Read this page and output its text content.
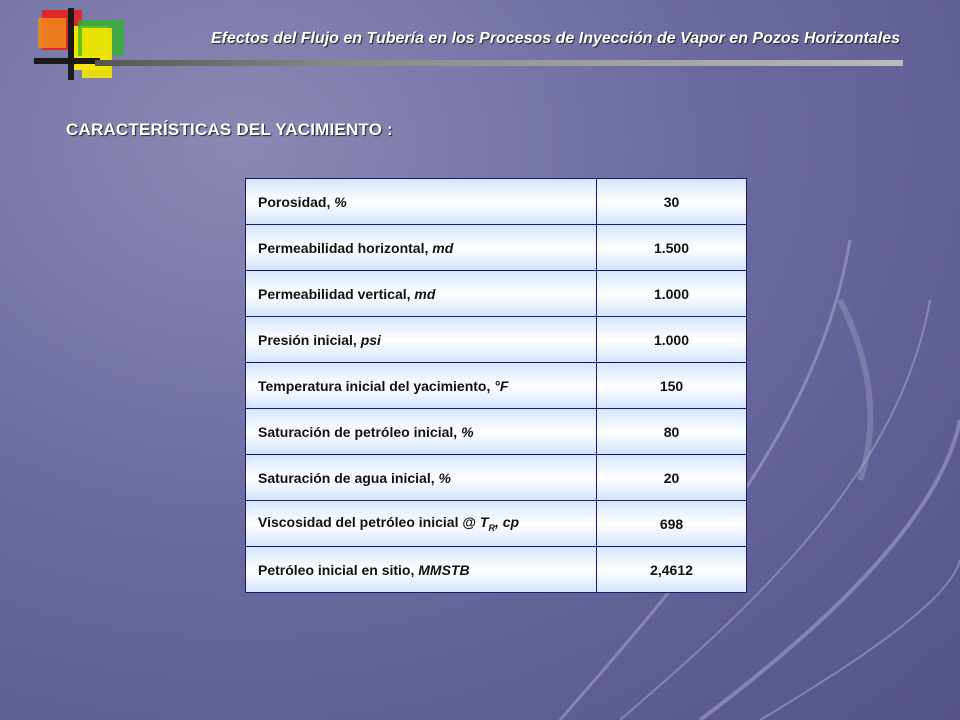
Efectos del Flujo en Tubería en los Procesos de Inyección de Vapor en Pozos Horizontales
CARACTERÍSTICAS DEL YACIMIENTO :
Porosidad, %	30
Permeabilidad horizontal, md	1.500
Permeabilidad vertical, md	1.000
Presión inicial, psi	1.000
Temperatura inicial del yacimiento, °F	150
Saturación de petróleo inicial, %	80
Saturación de agua inicial, %	20
Viscosidad del petróleo inicial @ $T_R$, cp	698
Petróleo inicial en sitio, MMSTB	2,4612
